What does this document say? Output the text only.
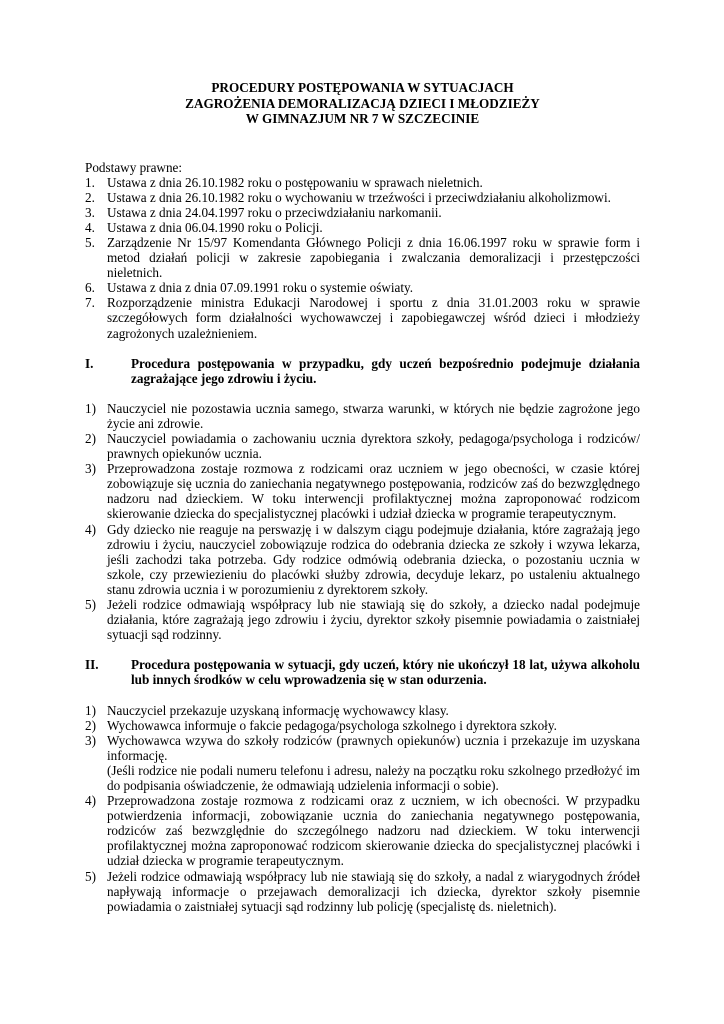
PROCEDURY POSTĘPOWANIA W SYTUACJACH
ZAGROŻENIA DEMORALIZACJĄ DZIECI I MŁODZIEŻY
W GIMNAZJUM NR 7 W SZCZECINIE
Podstawy prawne:
1. Ustawa z dnia 26.10.1982 roku o postępowaniu w sprawach nieletnich.
2. Ustawa z dnia 26.10.1982 roku o wychowaniu w trzeźwości i przeciwdziałaniu alkoholizmowi.
3. Ustawa z dnia 24.04.1997 roku o przeciwdziałaniu narkomanii.
4. Ustawa z dnia 06.04.1990 roku o Policji.
5. Zarządzenie Nr 15/97 Komendanta Głównego Policji z dnia 16.06.1997 roku w sprawie form i metod działań policji w zakresie zapobiegania i zwalczania demoralizacji i przestępczości nieletnich.
6. Ustawa z dnia z dnia 07.09.1991 roku o systemie oświaty.
7. Rozporządzenie ministra Edukacji Narodowej i sportu z dnia 31.01.2003 roku w sprawie szczegółowych form działalności wychowawczej i zapobiegawczej wśród dzieci i młodzieży zagrożonych uzależnieniem.
I.	Procedura postępowania w przypadku, gdy uczeń bezpośrednio podejmuje działania zagrażające jego zdrowiu i życiu.
1) Nauczyciel nie pozostawia ucznia samego, stwarza warunki, w których nie będzie zagrożone jego życie ani zdrowie.
2) Nauczyciel powiadamia o zachowaniu ucznia dyrektora szkoły, pedagoga/psychologa i rodziców/ prawnych opiekunów ucznia.
3) Przeprowadzona zostaje rozmowa z rodzicami oraz uczniem w jego obecności, w czasie której zobowiązuje się ucznia do zaniechania negatywnego postępowania, rodziców zaś do bezwzględnego nadzoru nad dzieckiem. W toku interwencji profilaktycznej można zaproponować rodzicom skierowanie dziecka do specjalistycznej placówki i udział dziecka w programie terapeutycznym.
4) Gdy dziecko nie reaguje na perswazję i w dalszym ciągu podejmuje działania, które zagrażają jego zdrowiu i życiu, nauczyciel zobowiązuje rodzica do odebrania dziecka ze szkoły i wzywa lekarza, jeśli zachodzi taka potrzeba. Gdy rodzice odmówią odebrania dziecka, o pozostaniu ucznia w szkole, czy przewiezieniu do placówki służby zdrowia, decyduje lekarz, po ustaleniu aktualnego stanu zdrowia ucznia i w porozumieniu z dyrektorem szkoły.
5) Jeżeli rodzice odmawiają współpracy lub nie stawiają się do szkoły, a dziecko nadal podejmuje działania, które zagrażają jego zdrowiu i życiu, dyrektor szkoły pisemnie powiadamia o zaistniałej sytuacji sąd rodzinny.
II. Procedura postępowania w sytuacji, gdy uczeń, który nie ukończył 18 lat, używa alkoholu lub innych środków w celu wprowadzenia się w stan odurzenia.
1) Nauczyciel przekazuje uzyskaną informację wychowawcy klasy.
2) Wychowawca informuje o fakcie pedagoga/psychologa szkolnego i dyrektora szkoły.
3) Wychowawca wzywa do szkoły rodziców (prawnych opiekunów) ucznia i przekazuje im uzyskana informację.
(Jeśli rodzice nie podali numeru telefonu i adresu, należy na początku roku szkolnego przedłożyć im do podpisania oświadczenie, że odmawiają udzielenia informacji o sobie).
4) Przeprowadzona zostaje rozmowa z rodzicami oraz z uczniem, w ich obecności. W przypadku potwierdzenia informacji, zobowiązanie ucznia do zaniechania negatywnego postępowania, rodziców zaś bezwzględnie do szczególnego nadzoru nad dzieckiem. W toku interwencji profilaktycznej można zaproponować rodzicom skierowanie dziecka do specjalistycznej placówki i udział dziecka w programie terapeutycznym.
5) Jeżeli rodzice odmawiają współpracy lub nie stawiają się do szkoły, a nadal z wiarygodnych źródeł napływają informacje o przejawach demoralizacji ich dziecka, dyrektor szkoły pisemnie powiadamia o zaistniałej sytuacji sąd rodzinny lub policję (specjalistę ds. nieletnich).
